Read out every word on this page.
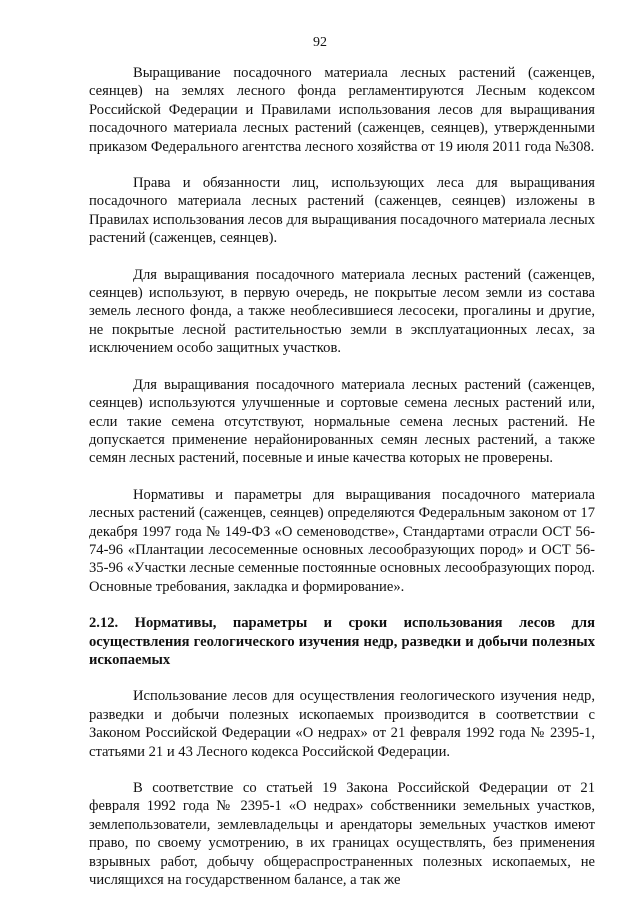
92

Выращивание посадочного материала лесных растений (саженцев, сеянцев) на землях лесного фонда регламентируются Лесным кодексом Российской Федерации и Правилами использования лесов для выращивания посадочного материала лесных растений (саженцев, сеянцев), утвержденными приказом Федерального агентства лесного хозяйства от 19 июля 2011 года №308.

Права и обязанности лиц, использующих леса для выращивания посадочного материала лесных растений (саженцев, сеянцев) изложены в Правилах использования лесов для выращивания посадочного материала лесных растений (саженцев, сеянцев).

Для выращивания посадочного материала лесных растений (саженцев, сеянцев) используют, в первую очередь, не покрытые лесом земли из состава земель лесного фонда, а также необлесившиеся лесосеки, прогалины и другие, не покрытые лесной растительностью земли в эксплуатационных лесах, за исключением особо защитных участков.

Для выращивания посадочного материала лесных растений (саженцев, сеянцев) используются улучшенные и сортовые семена лесных растений или, если такие семена отсутствуют, нормальные семена лесных растений. Не допускается применение нерайонированных семян лесных растений, а также семян лесных растений, посевные и иные качества которых не проверены.

Нормативы и параметры для выращивания посадочного материала лесных растений (саженцев, сеянцев) определяются Федеральным законом от 17 декабря 1997 года № 149-ФЗ «О семеноводстве», Стандартами отрасли ОСТ 56-74-96 «Плантации лесосеменные основных лесообразующих пород» и ОСТ 56-35-96 «Участки лесные семенные постоянные основных лесообразующих пород. Основные требования, закладка и формирование».

2.12. Нормативы, параметры и сроки использования лесов для осуществления геологического изучения недр, разведки и добычи полезных ископаемых

Использование лесов для осуществления геологического изучения недр, разведки и добычи полезных ископаемых производится в соответствии с Законом Российской Федерации «О недрах» от 21 февраля 1992 года № 2395-1, статьями 21 и 43 Лесного кодекса Российской Федерации.

В соответствие со статьей 19 Закона Российской Федерации от 21 февраля 1992 года № 2395-1 «О недрах» собственники земельных участков, землепользователи, землевладельцы и арендаторы земельных участков имеют право, по своему усмотрению, в их границах осуществлять, без применения взрывных работ, добычу общераспространенных полезных ископаемых, не числящихся на государственном балансе, а так же
